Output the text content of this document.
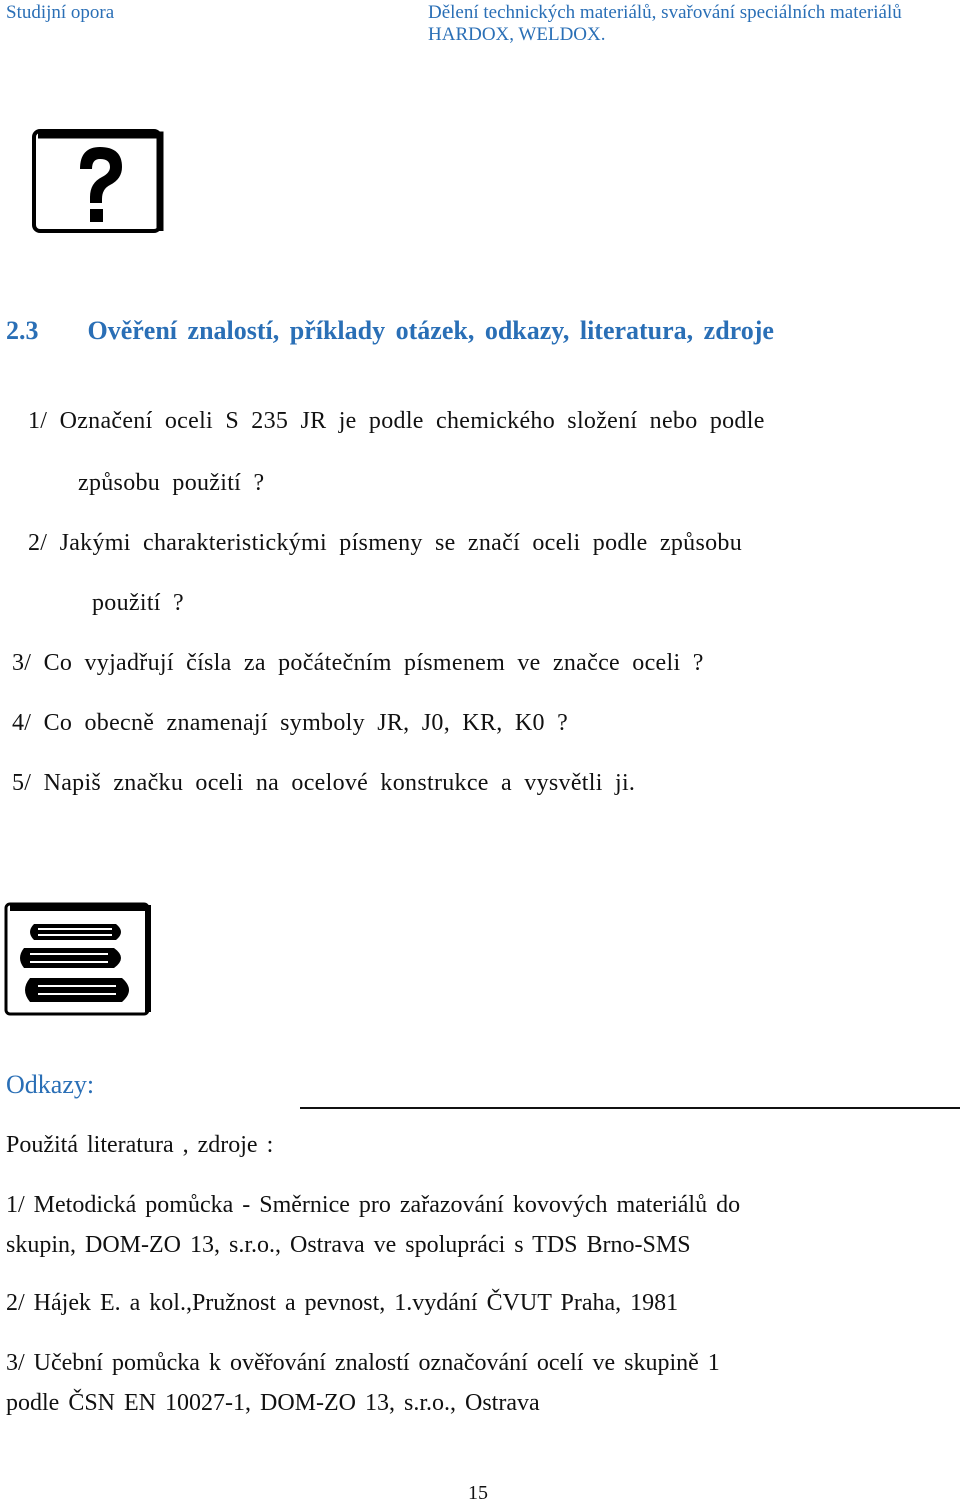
Studijní opora	Dělení technických materiálů, svařování speciálních materiálů
HARDOX, WELDOX.
2.3 Ověření znalostí, příklady otázek, odkazy, literatura, zdroje
1/ Označení oceli S 235 JR je podle chemického složení nebo podle
způsobu použití ?
2/ Jakými charakteristickými písmeny se značí oceli podle způsobu
použití ?
3/ Co vyjadřují čísla za počátečním písmenem ve značce oceli ?
4/ Co obecně znamenají symboly JR, J0, KR, K0 ?
5/ Napiš značku oceli na ocelové konstrukce a vysvětli ji.
Odkazy:
Použitá literatura , zdroje :
1/ Metodická pomůcka - Směrnice pro zařazování kovových materiálů do
skupin, DOM-ZO 13, s.r.o., Ostrava ve spolupráci s TDS Brno-SMS
2/ Hájek E. a kol.,Pružnost a pevnost, 1.vydání ČVUT Praha, 1981
3/ Učební pomůcka k ověřování znalostí označování ocelí ve skupině 1
podle ČSN EN 10027-1, DOM-ZO 13, s.r.o., Ostrava
15
